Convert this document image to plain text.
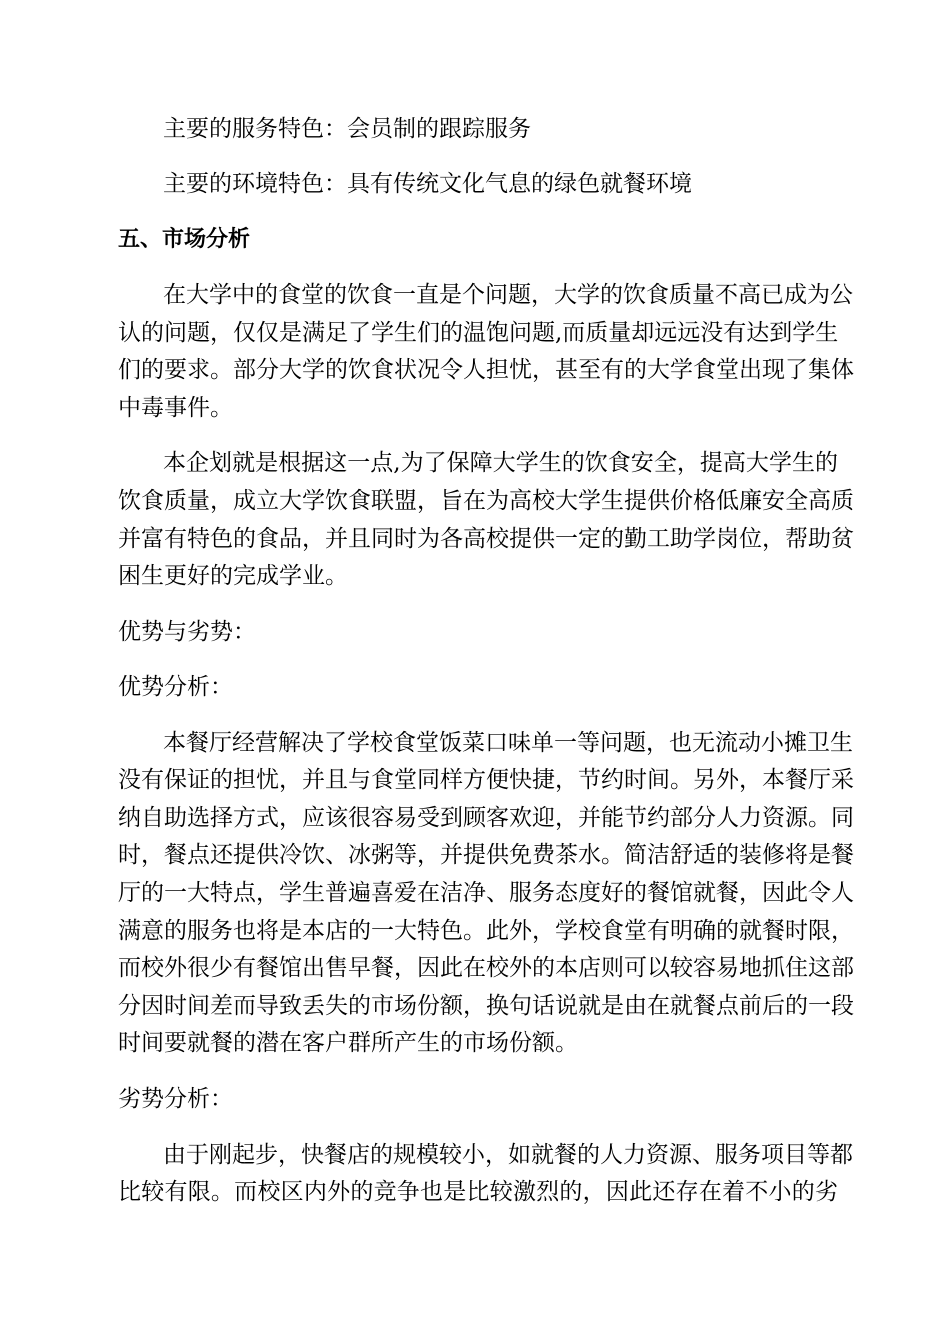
主要的服务特色：会员制的跟踪服务
主要的环境特色：具有传统文化气息的绿色就餐环境
五、市场分析
在大学中的食堂的饮食一直是个问题，大学的饮食质量不高已成为公
认的问题，仅仅是满足了学生们的温饱问题,而质量却远远没有达到学生
们的要求。部分大学的饮食状况令人担忧，甚至有的大学食堂出现了集体
中毒事件。
本企划就是根据这一点,为了保障大学生的饮食安全，提高大学生的
饮食质量，成立大学饮食联盟，旨在为高校大学生提供价格低廉安全高质
并富有特色的食品，并且同时为各高校提供一定的勤工助学岗位，帮助贫
困生更好的完成学业。
优势与劣势：
优势分析：
本餐厅经营解决了学校食堂饭菜口味单一等问题，也无流动小摊卫生
没有保证的担忧，并且与食堂同样方便快捷，节约时间。另外，本餐厅采
纳自助选择方式，应该很容易受到顾客欢迎，并能节约部分人力资源。同
时，餐点还提供冷饮、冰粥等，并提供免费茶水。简洁舒适的装修将是餐
厅的一大特点，学生普遍喜爱在洁净、服务态度好的餐馆就餐，因此令人
满意的服务也将是本店的一大特色。此外，学校食堂有明确的就餐时限，
而校外很少有餐馆出售早餐，因此在校外的本店则可以较容易地抓住这部
分因时间差而导致丢失的市场份额，换句话说就是由在就餐点前后的一段
时间要就餐的潜在客户群所产生的市场份额。
劣势分析：
由于刚起步，快餐店的规模较小，如就餐的人力资源、服务项目等都
比较有限。而校区内外的竞争也是比较激烈的，因此还存在着不小的劣
